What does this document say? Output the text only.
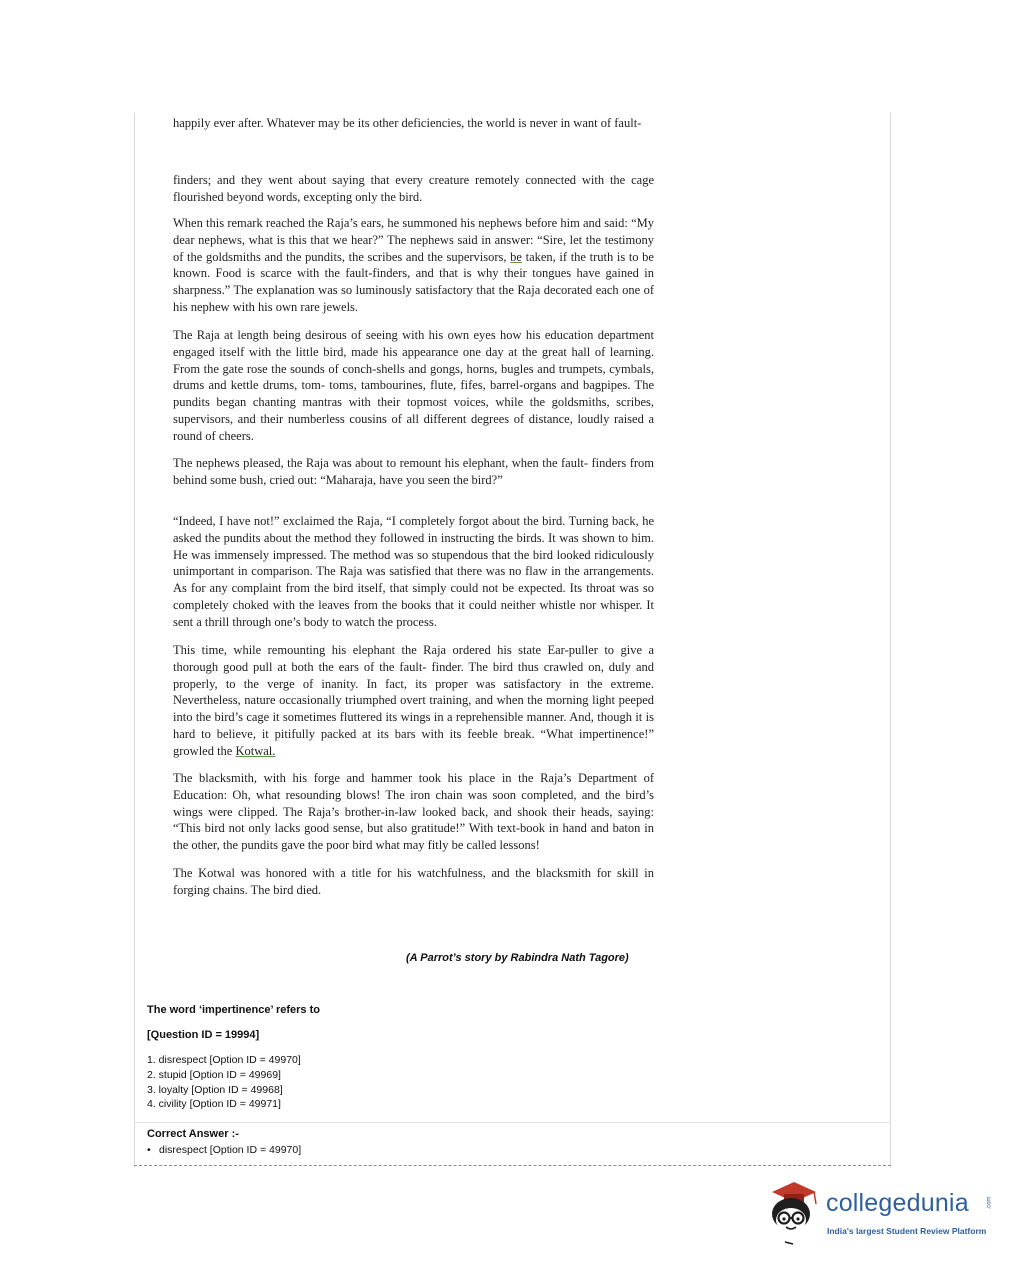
happily ever after. Whatever may be its other deficiencies, the world is never in want of fault-

finders; and they went about saying that every creature remotely connected with the cage flourished beyond words, excepting only the bird.

When this remark reached the Raja’s ears, he summoned his nephews before him and said: “My dear nephews, what is this that we hear?” The nephews said in answer: “Sire, let the testimony of the goldsmiths and the pundits, the scribes and the supervisors, be taken, if the truth is to be known. Food is scarce with the fault-finders, and that is why their tongues have gained in sharpness.” The explanation was so luminously satisfactory that the Raja decorated each one of his nephew with his own rare jewels.

The Raja at length being desirous of seeing with his own eyes how his education department engaged itself with the little bird, made his appearance one day at the great hall of learning. From the gate rose the sounds of conch-shells and gongs, horns, bugles and trumpets, cymbals, drums and kettle drums, tom- toms, tambourines, flute, fifes, barrel-organs and bagpipes. The pundits began chanting mantras with their topmost voices, while the goldsmiths, scribes, supervisors, and their numberless cousins of all different degrees of distance, loudly raised a round of cheers.

The nephews pleased, the Raja was about to remount his elephant, when the fault- finders from behind some bush, cried out: “Maharaja, have you seen the bird?”

“Indeed, I have not!” exclaimed the Raja, “I completely forgot about the bird. Turning back, he asked the pundits about the method they followed in instructing the birds. It was shown to him. He was immensely impressed. The method was so stupendous that the bird looked ridiculously unimportant in comparison. The Raja was satisfied that there was no flaw in the arrangements. As for any complaint from the bird itself, that simply could not be expected. Its throat was so completely choked with the leaves from the books that it could neither whistle nor whisper. It sent a thrill through one’s body to watch the process.

This time, while remounting his elephant the Raja ordered his state Ear-puller to give a thorough good pull at both the ears of the fault- finder. The bird thus crawled on, duly and properly, to the verge of inanity. In fact, its proper was satisfactory in the extreme. Nevertheless, nature occasionally triumphed overt training, and when the morning light peeped into the bird’s cage it sometimes fluttered its wings in a reprehensible manner. And, though it is hard to believe, it pitifully packed at its bars with its feeble break. “What impertinence!” growled the Kotwal.

The blacksmith, with his forge and hammer took his place in the Raja’s Department of Education: Oh, what resounding blows! The iron chain was soon completed, and the bird’s wings were clipped. The Raja’s brother-in-law looked back, and shook their heads, saying: “This bird not only lacks good sense, but also gratitude!” With text-book in hand and baton in the other, the pundits gave the poor bird what may fitly be called lessons!

The Kotwal was honored with a title for his watchfulness, and the blacksmith for skill in forging chains. The bird died.

(A Parrot’s story by Rabindra Nath Tagore)
The word ‘impertinence’ refers to
[Question ID = 19994]
1. disrespect [Option ID = 49970]
2. stupid [Option ID = 49969]
3. loyalty [Option ID = 49968]
4. civility [Option ID = 49971]
Correct Answer :-
• disrespect [Option ID = 49970]
collegedunia	.com
India's largest Student Review Platform
